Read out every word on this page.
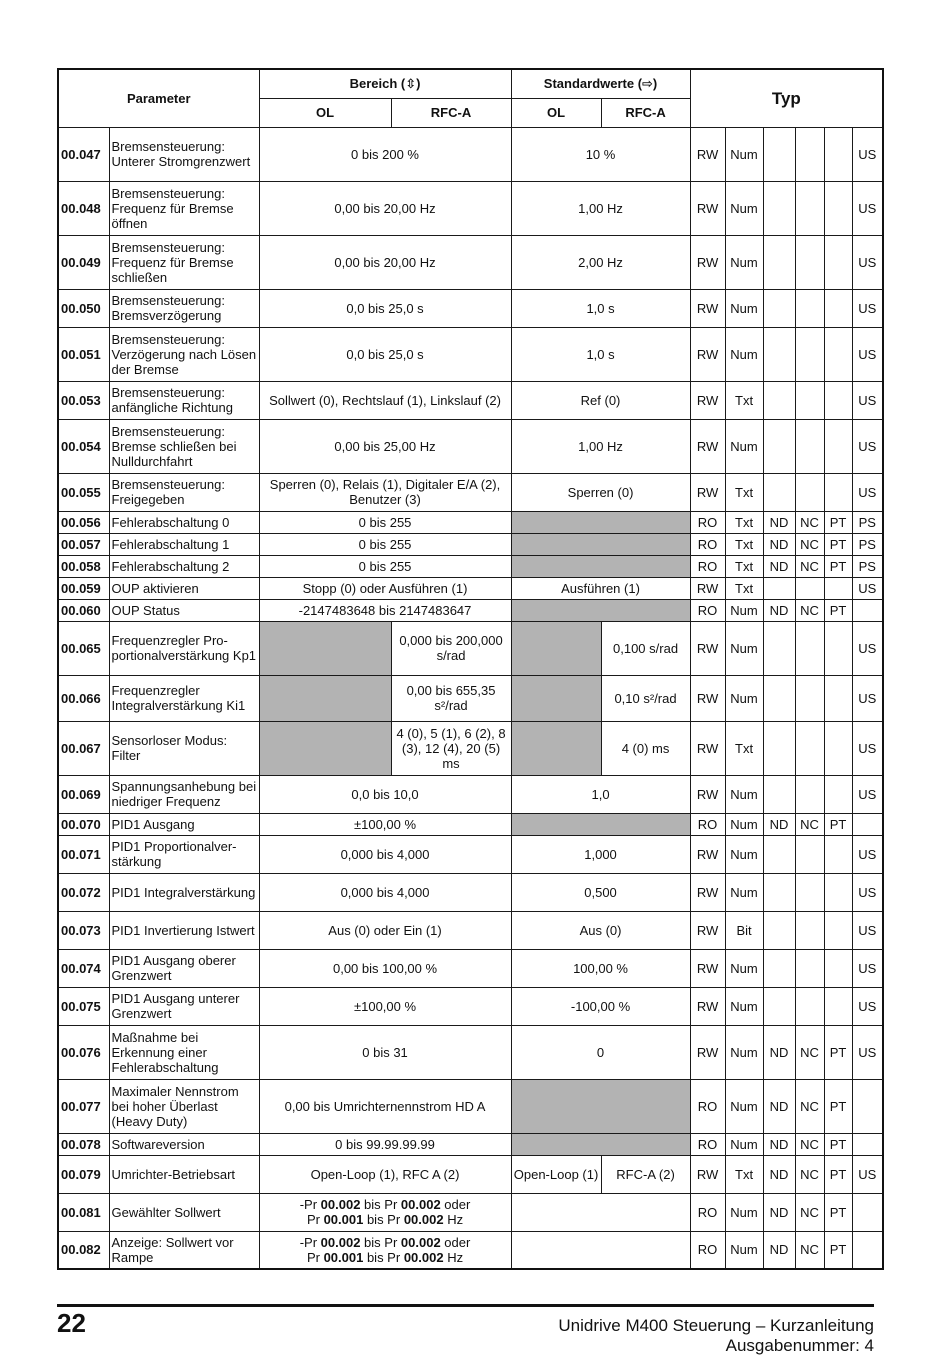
Parameter		Bereich (⇳)		Standardwerte (⇨)		Typ					
		OL	RFC-A	OL	RFC-A						
00.047	Bremsensteuerung: Unterer Stromgrenzwert	0 bis 200 %		10 %		RW	Num				US
00.048	Bremsensteuerung: Frequenz für Bremse öffnen	0,00 bis 20,00 Hz		1,00 Hz		RW	Num				US
00.049	Bremsensteuerung: Frequenz für Bremse schließen	0,00 bis 20,00 Hz		2,00 Hz		RW	Num				US
00.050	Bremsensteuerung: Bremsverzögerung	0,0 bis 25,0 s		1,0 s		RW	Num				US
00.051	Bremsensteuerung: Verzögerung nach Lösen der Bremse	0,0 bis 25,0 s		1,0 s		RW	Num				US
00.053	Bremsensteuerung: anfängliche Richtung	Sollwert (0), Rechtslauf (1), Linkslauf (2)		Ref (0)		RW	Txt				US
00.054	Bremsensteuerung: Bremse schließen bei Nulldurchfahrt	0,00 bis 25,00 Hz		1,00 Hz		RW	Num				US
00.055	Bremsensteuerung: Freigegeben	Sperren (0), Relais (1), Digitaler E/A (2), Benutzer (3)		Sperren (0)		RW	Txt				US
00.056	Fehlerabschaltung 0	0 bis 255				RO	Txt	ND	NC	PT	PS
00.057	Fehlerabschaltung 1	0 bis 255				RO	Txt	ND	NC	PT	PS
00.058	Fehlerabschaltung 2	0 bis 255				RO	Txt	ND	NC	PT	PS
00.059	OUP aktivieren	Stopp (0) oder Ausführen (1)		Ausführen (1)		RW	Txt				US
00.060	OUP Status	-2147483648 bis 2147483647				RO	Num	ND	NC	PT	
00.065	Frequenzregler Pro-portionalverstärkung Kp1		0,000 bis 200,000 s/rad		0,100 s/rad	RW	Num				US
00.066	Frequenzregler Integralverstärkung Ki1		0,00 bis 655,35 s²/rad		0,10 s²/rad	RW	Num				US
00.067	Sensorloser Modus: Filter		4 (0), 5 (1), 6 (2), 8 (3), 12 (4), 20 (5) ms		4 (0) ms	RW	Txt				US
00.069	Spannungsanhebung bei niedriger Frequenz	0,0 bis 10,0		1,0		RW	Num				US
00.070	PID1 Ausgang	±100,00 %				RO	Num	ND	NC	PT	
00.071	PID1 Proportionalver-stärkung	0,000 bis 4,000		1,000		RW	Num				US
00.072	PID1 Integralverstärkung	0,000 bis 4,000		0,500		RW	Num				US
00.073	PID1 Invertierung Istwert	Aus (0) oder Ein (1)		Aus (0)		RW	Bit				US
00.074	PID1 Ausgang oberer Grenzwert	0,00 bis 100,00 %		100,00 %		RW	Num				US
00.075	PID1 Ausgang unterer Grenzwert	±100,00 %		-100,00 %		RW	Num				US
00.076	Maßnahme bei Erkennung einer Fehlerabschaltung	0 bis 31		0		RW	Num	ND	NC	PT	US
00.077	Maximaler Nennstrom bei hoher Überlast (Heavy Duty)	0,00 bis Umrichternennstrom HD A				RO	Num	ND	NC	PT	
00.078	Softwareversion	0 bis 99.99.99.99				RO	Num	ND	NC	PT	
00.079	Umrichter-Betriebsart	Open-Loop (1), RFC A (2)		Open-Loop (1)	RFC-A (2)	RW	Txt	ND	NC	PT	US
00.081	Gewählter Sollwert	-Pr 00.002 bis Pr 00.002 oder
Pr 00.001 bis Pr 00.002 Hz				RO	Num	ND	NC	PT	
00.082	Anzeige: Sollwert vor Rampe	-Pr 00.002 bis Pr 00.002 oder
Pr 00.001 bis Pr 00.002 Hz				RO	Num	ND	NC	PT	
22	Unidrive M400 Steuerung – Kurzanleitung
Ausgabenummer: 4
